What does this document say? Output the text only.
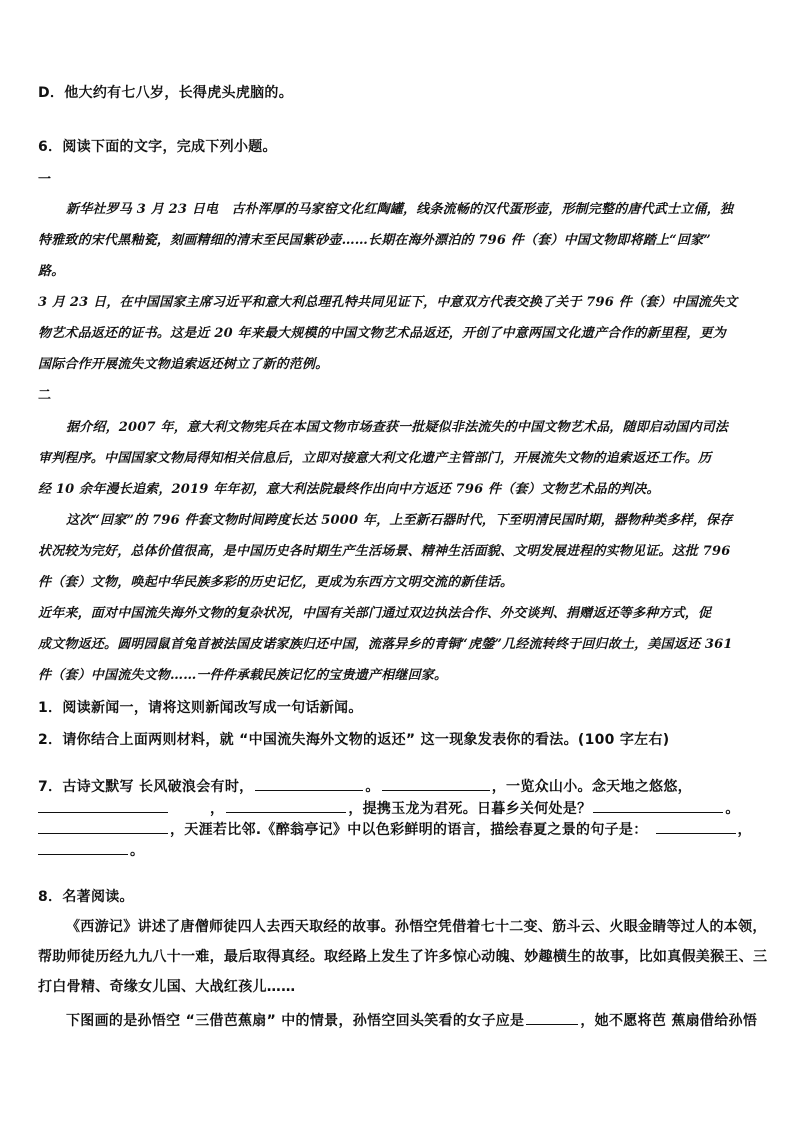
D．他大约有七八岁，长得虎头虎脑的。
6．阅读下面的文字，完成下列小题。
一
新华社罗马 3 月 23 日电　古朴浑厚的马家窑文化红陶罐，线条流畅的汉代蛋形壶，形制完整的唐代武士立俑，独
特雅致的宋代黑釉瓷，刻画精细的清末至民国紫砂壶……长期在海外漂泊的 796 件（套）中国文物即将踏上“回家”
路。
3 月 23 日，在中国国家主席习近平和意大利总理孔特共同见证下，中意双方代表交换了关于 796 件（套）中国流失文
物艺术品返还的证书。这是近 20 年来最大规模的中国文物艺术品返还，开创了中意两国文化遗产合作的新里程，更为
国际合作开展流失文物追索返还树立了新的范例。
二
据介绍，2007 年，意大利文物宪兵在本国文物市场查获一批疑似非法流失的中国文物艺术品，随即启动国内司法
审判程序。中国国家文物局得知相关信息后，立即对接意大利文化遗产主管部门，开展流失文物的追索返还工作。历
经 10 余年漫长追索，2019 年年初，意大利法院最终作出向中方返还 796 件（套）文物艺术品的判决。
这次“回家”的 796 件套文物时间跨度长达 5000 年，上至新石器时代，下至明清民国时期，器物种类多样，保存
状况较为完好，总体价值很高，是中国历史各时期生产生活场景、精神生活面貌、文明发展进程的实物见证。这批 796
件（套）文物，唤起中华民族多彩的历史记忆，更成为东西方文明交流的新佳话。
近年来，面对中国流失海外文物的复杂状况，中国有关部门通过双边执法合作、外交谈判、捐赠返还等多种方式，促
成文物返还。圆明园鼠首兔首被法国皮诺家族归还中国，流落异乡的青铜“虎鎣”几经流转终于回归故土，美国返还 361
件（套）中国流失文物……一件件承载民族记忆的宝贵遗产相继回家。
1．阅读新闻一，请将这则新闻改写成一句话新闻。
2．请你结合上面两则材料，就 “中国流失海外文物的返还” 这一现象发表你的看法。(100 字左右)
7．古诗文默写 长风破浪会有时，	。	，一览众山小。念天地之悠悠，
，	，提携玉龙为君死。日暮乡关何处是？	。
，天涯若比邻.《醉翁亭记》中以色彩鲜明的语言，描绘春夏之景的句子是：	，
。
8．名著阅读。
《西游记》讲述了唐僧师徒四人去西天取经的故事。孙悟空凭借着七十二变、筋斗云、火眼金睛等过人的本领，
帮助师徒历经九九八十一难，最后取得真经。取经路上发生了许多惊心动魄、妙趣横生的故事，比如真假美猴王、三
打白骨精、奇缘女儿国、大战红孩儿……
下图画的是孙悟空 “三借芭蕉扇” 中的情景，孙悟空回头笑看的女子应是	，她不愿将芭 蕉扇借给孙悟
